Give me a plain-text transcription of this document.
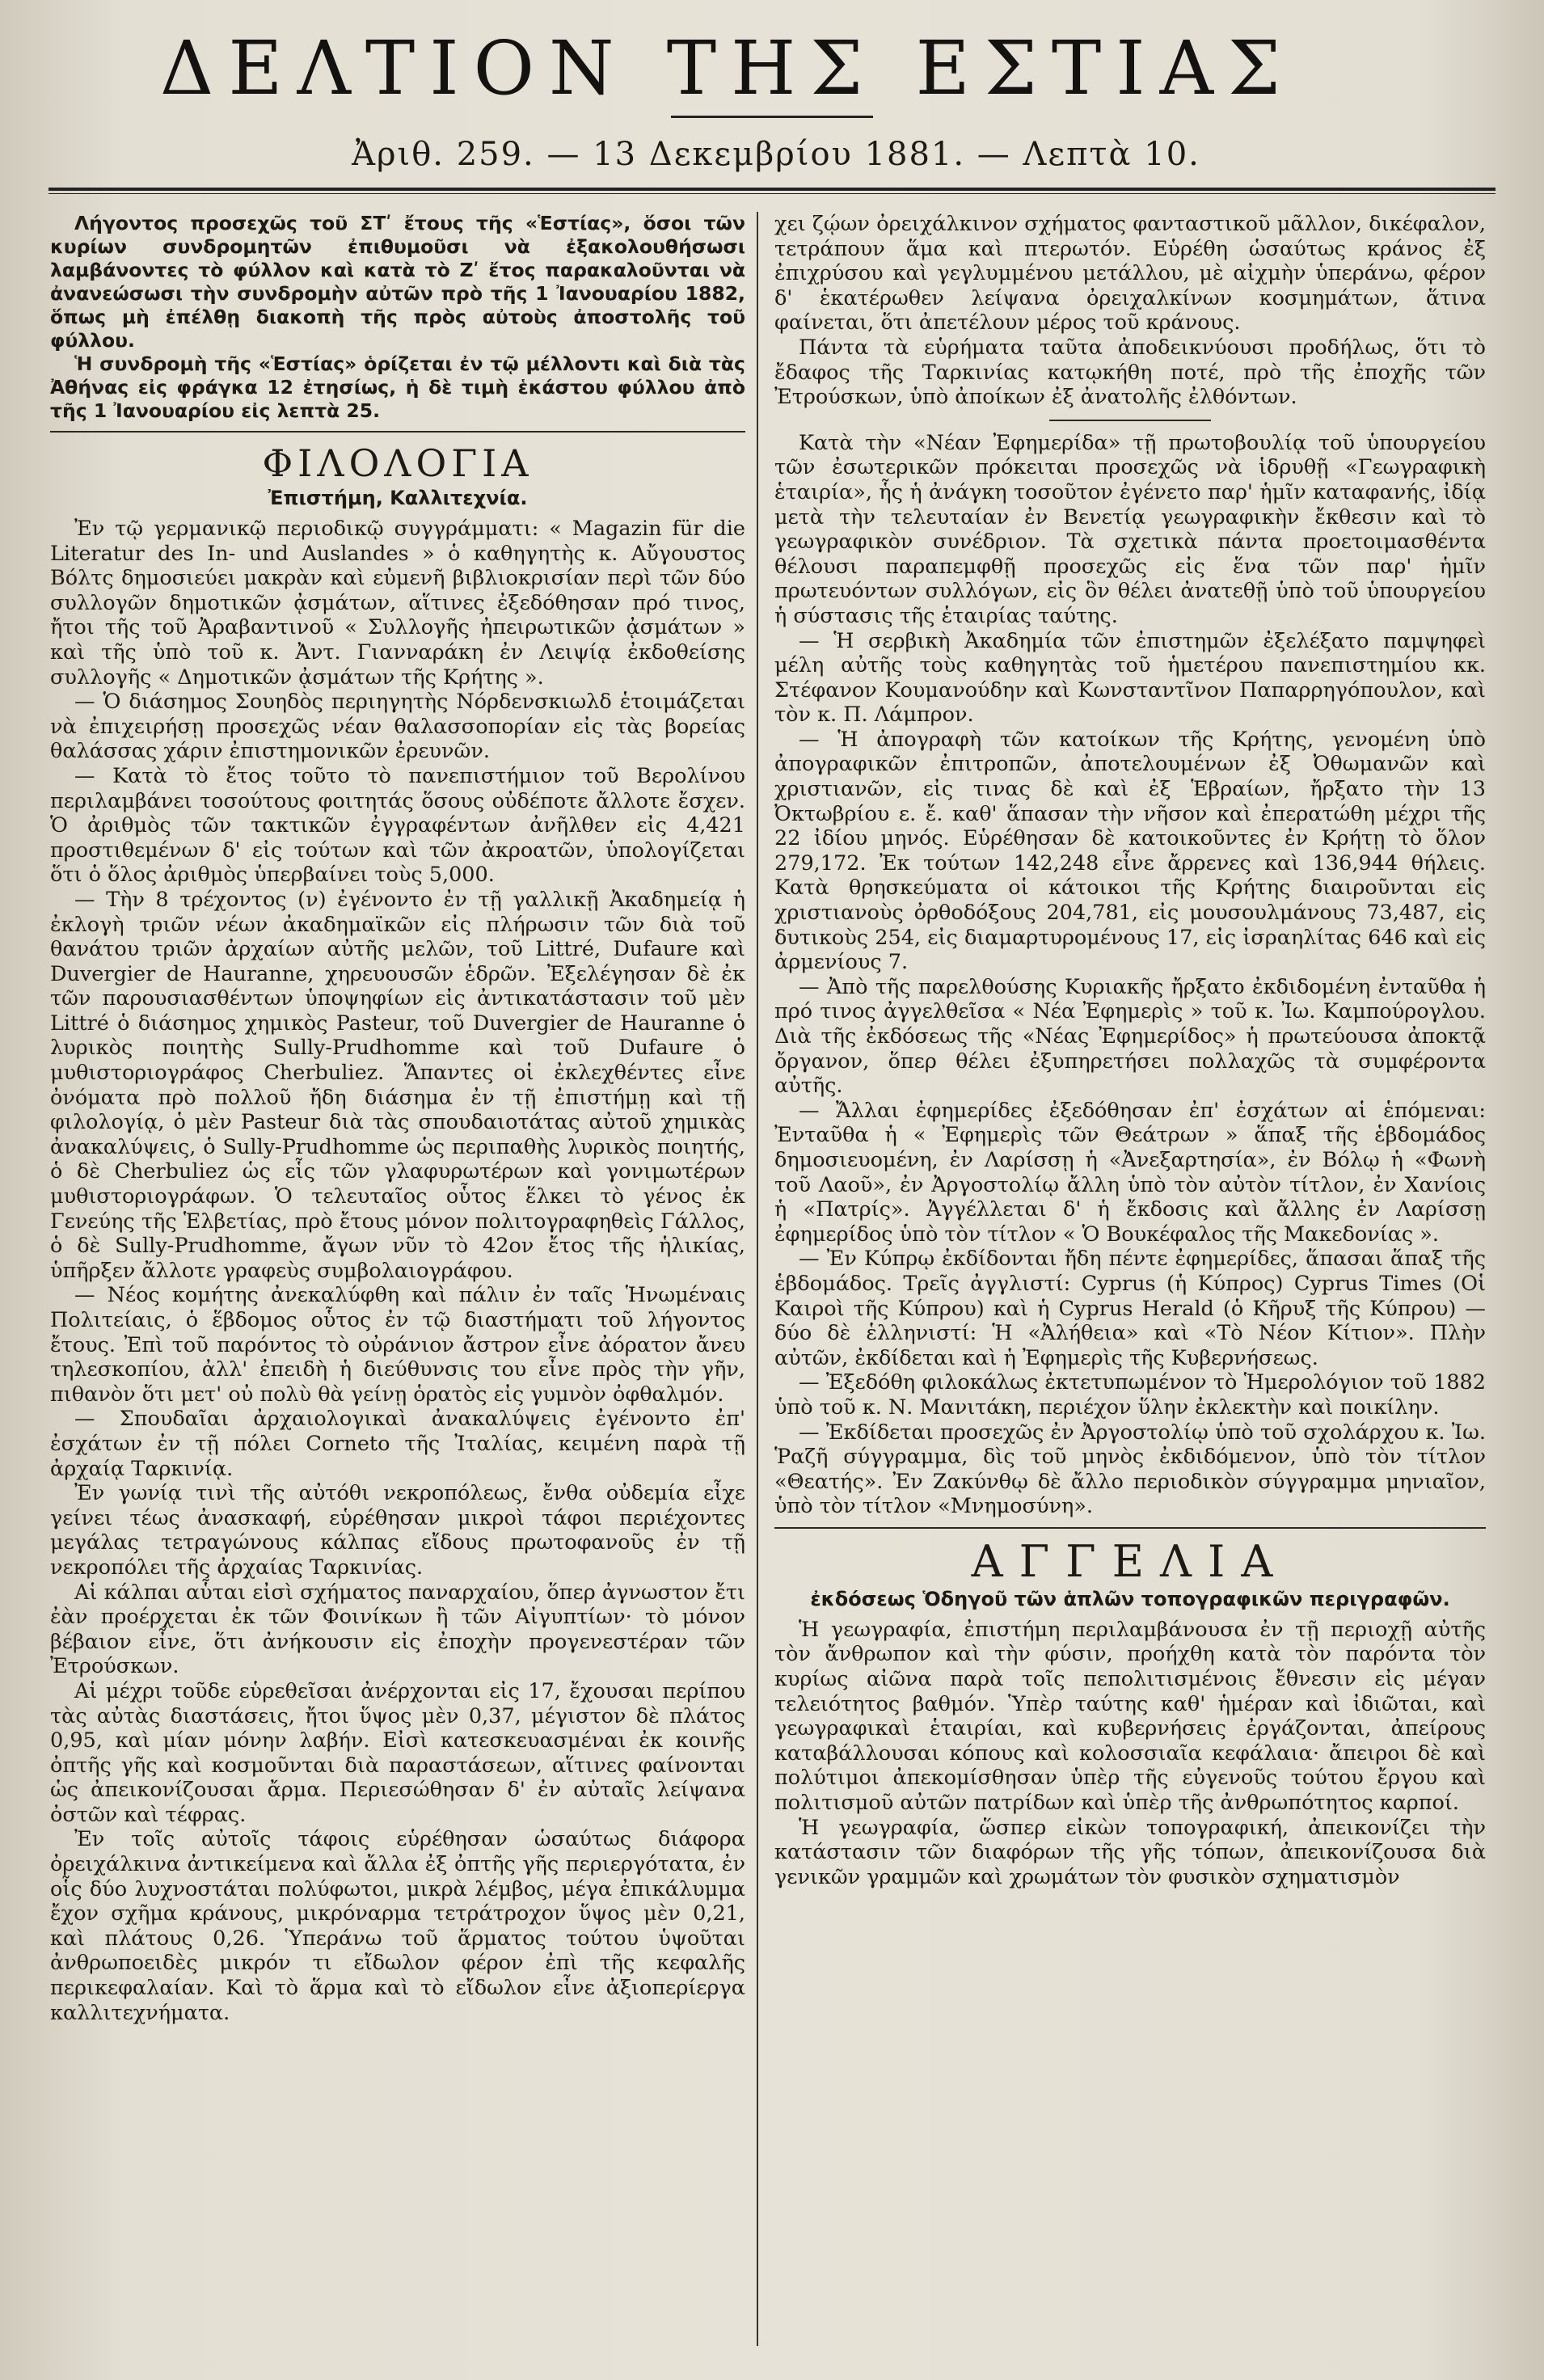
ΔΕΛΤΙΟΝ ΤΗΣ ΕΣΤΙΑΣ
Ἀριθ. 259. — 13 Δεκεμβρίου 1881. — Λεπτὰ 10.

Λήγοντος προσεχῶς τοῦ ΣΤʹ ἔτους τῆς «Ἑστίας», ὅσοι τῶν κυρίων συνδρομητῶν ἐπιθυμοῦσι νὰ ἐξακολουθήσωσι λαμβάνοντες τὸ φύλλον καὶ κατὰ τὸ Ζʹ ἔτος παρακαλοῦνται νὰ ἀνανεώσωσι τὴν συνδρομὴν αὐτῶν πρὸ τῆς 1 Ἰανουαρίου 1882, ὅπως μὴ ἐπέλθῃ διακοπὴ τῆς πρὸς αὐτοὺς ἀποστολῆς τοῦ φύλλου.

Ἡ συνδρομὴ τῆς «Ἑστίας» ὁρίζεται ἐν τῷ μέλλοντι καὶ διὰ τὰς Ἀθήνας εἰς φράγκα 12 ἐτησίως, ἡ δὲ τιμὴ ἑκάστου φύλλου ἀπὸ τῆς 1 Ἰανουαρίου εἰς λεπτὰ 25.

ΦΙΛΟΛΟΓΙΑ
Ἐπιστήμη, Καλλιτεχνία.

Ἐν τῷ γερμανικῷ περιοδικῷ συγγράμματι: « Magazin für die Literatur des In- und Auslandes » ὁ καθηγητὴς κ. Αὔγουστος Βόλτς δημοσιεύει μακρὰν καὶ εὐμενῆ βιβλιοκρισίαν περὶ τῶν δύο συλλογῶν δημοτικῶν ᾀσμάτων, αἵτινες ἐξεδόθησαν πρό τινος, ἤτοι τῆς τοῦ Ἀραβαντινοῦ « Συλλογῆς ἠπειρωτικῶν ᾀσμάτων » καὶ τῆς ὑπὸ τοῦ κ. Ἀντ. Γιανναράκη ἐν Λειψίᾳ ἐκδοθείσης συλλογῆς « Δημοτικῶν ᾀσμάτων τῆς Κρήτης ».

— Ὁ διάσημος Σουηδὸς περιηγητὴς Νόρδενσκιωλδ ἑτοιμάζεται νὰ ἐπιχειρήσῃ προσεχῶς νέαν θαλασσοπορίαν εἰς τὰς βορείας θαλάσσας χάριν ἐπιστημονικῶν ἐρευνῶν.

— Κατὰ τὸ ἔτος τοῦτο τὸ πανεπιστήμιον τοῦ Βερολίνου περιλαμβάνει τοσούτους φοιτητάς ὅσους οὐδέποτε ἄλλοτε ἔσχεν. Ὁ ἀριθμὸς τῶν τακτικῶν ἐγγραφέντων ἀνῆλθεν εἰς 4,421 προστιθεμένων δ' εἰς τούτων καὶ τῶν ἀκροατῶν, ὑπολογίζεται ὅτι ὁ ὅλος ἀριθμὸς ὑπερβαίνει τοὺς 5,000.

— Τὴν 8 τρέχοντος (ν) ἐγένοντο ἐν τῇ γαλλικῇ Ἀκαδημείᾳ ἡ ἐκλογὴ τριῶν νέων ἀκαδημαϊκῶν εἰς πλήρωσιν τῶν διὰ τοῦ θανάτου τριῶν ἀρχαίων αὐτῆς μελῶν, τοῦ Littré, Dufaure καὶ Duvergier de Hauranne, χηρευουσῶν ἑδρῶν. Ἐξελέγησαν δὲ ἐκ τῶν παρουσιασθέντων ὑποψηφίων εἰς ἀντικατάστασιν τοῦ μὲν Littré ὁ διάσημος χημικὸς Pasteur, τοῦ Duvergier de Hauranne ὁ λυρικὸς ποιητὴς Sully-Prudhomme καὶ τοῦ Dufaure ὁ μυθιστοριογράφος Cherbuliez. Ἅπαντες οἱ ἐκλεχθέντες εἶνε ὀνόματα πρὸ πολλοῦ ἤδη διάσημα ἐν τῇ ἐπιστήμῃ καὶ τῇ φιλολογίᾳ, ὁ μὲν Pasteur διὰ τὰς σπουδαιοτάτας αὐτοῦ χημικὰς ἀνακαλύψεις, ὁ Sully-Prudhomme ὡς περιπαθὴς λυρικὸς ποιητής, ὁ δὲ Cherbuliez ὡς εἷς τῶν γλαφυρωτέρων καὶ γονιμωτέρων μυθιστοριογράφων. Ὁ τελευταῖος οὗτος ἕλκει τὸ γένος ἐκ Γενεύης τῆς Ἑλβετίας, πρὸ ἔτους μόνον πολιτογραφηθεὶς Γάλλος, ὁ δὲ Sully-Prudhomme, ἄγων νῦν τὸ 42ον ἔτος τῆς ἡλικίας, ὑπῆρξεν ἄλλοτε γραφεὺς συμβολαιογράφου.

— Νέος κομήτης ἀνεκαλύφθη καὶ πάλιν ἐν ταῖς Ἡνωμέναις Πολιτείαις, ὁ ἕβδομος οὗτος ἐν τῷ διαστήματι τοῦ λήγοντος ἔτους. Ἐπὶ τοῦ παρόντος τὸ οὐράνιον ἄστρον εἶνε ἀόρατον ἄνευ τηλεσκοπίου, ἀλλ' ἐπειδὴ ἡ διεύθυνσις του εἶνε πρὸς τὴν γῆν, πιθανὸν ὅτι μετ' οὐ πολὺ θὰ γείνῃ ὁρατὸς εἰς γυμνὸν ὀφθαλμόν.

— Σπουδαῖαι ἀρχαιολογικαὶ ἀνακαλύψεις ἐγένοντο ἐπ' ἐσχάτων ἐν τῇ πόλει Corneto τῆς Ἰταλίας, κειμένη παρὰ τῇ ἀρχαίᾳ Ταρκινίᾳ.

Ἐν γωνίᾳ τινὶ τῆς αὐτόθι νεκροπόλεως, ἔνθα οὐδεμία εἶχε γείνει τέως ἀνασκαφή, εὑρέθησαν μικροὶ τάφοι περιέχοντες μεγάλας τετραγώνους κάλπας εἴδους πρωτοφανοῦς ἐν τῇ νεκροπόλει τῆς ἀρχαίας Ταρκινίας.

Αἱ κάλπαι αὗται εἰσὶ σχήματος παναρχαίου, ὅπερ ἀγνωστον ἔτι ἐὰν προέρχεται ἐκ τῶν Φοινίκων ἢ τῶν Αἰγυπτίων· τὸ μόνον βέβαιον εἶνε, ὅτι ἀνήκουσιν εἰς ἐποχὴν προγενεστέραν τῶν Ἐτρούσκων.

Αἱ μέχρι τοῦδε εὑρεθεῖσαι ἀνέρχονται εἰς 17, ἔχουσαι περίπου τὰς αὐτὰς διαστάσεις, ἤτοι ὕψος μὲν 0,37, μέγιστον δὲ πλάτος 0,95, καὶ μίαν μόνην λαβήν. Εἰσὶ κατεσκευασμέναι ἐκ κοινῆς ὀπτῆς γῆς καὶ κοσμοῦνται διὰ παραστάσεων, αἵτινες φαίνονται ὡς ἀπεικονίζουσαι ἄρμα. Περιεσώθησαν δ' ἐν αὐταῖς λείψανα ὀστῶν καὶ τέφρας.

Ἐν τοῖς αὐτοῖς τάφοις εὑρέθησαν ὡσαύτως διάφορα ὀρειχάλκινα ἀντικείμενα καὶ ἄλλα ἐξ ὀπτῆς γῆς περιεργότατα, ἐν οἷς δύο λυχνοστάται πολύφωτοι, μικρὰ λέμβος, μέγα ἐπικάλυμμα ἔχον σχῆμα κράνους, μικρόναρμα τετράτροχον ὕψος μὲν 0,21, καὶ πλάτους 0,26. Ὑπεράνω τοῦ ἅρματος τούτου ὑψοῦται ἀνθρωποειδὲς μικρόν τι εἴδωλον φέρον ἐπὶ τῆς κεφαλῆς περικεφαλαίαν. Καὶ τὸ ἅρμα καὶ τὸ εἴδωλον εἶνε ἀξιοπερίεργα καλλιτεχνήματα.

χει ζῴων ὀρειχάλκινον σχήματος φανταστικοῦ μᾶλλον, δικέφαλον, τετράπουν ἅμα καὶ πτερωτόν. Εὑρέθη ὡσαύτως κράνος ἐξ ἐπιχρύσου καὶ γεγλυμμένου μετάλλου, μὲ αἰχμὴν ὑπεράνω, φέρον δ' ἑκατέρωθεν λείψανα ὀρειχαλκίνων κοσμημάτων, ἅτινα φαίνεται, ὅτι ἀπετέλουν μέρος τοῦ κράνους.

Πάντα τὰ εὑρήματα ταῦτα ἀποδεικνύουσι προδήλως, ὅτι τὸ ἔδαφος τῆς Ταρκινίας κατῳκήθη ποτέ, πρὸ τῆς ἐποχῆς τῶν Ἐτρούσκων, ὑπὸ ἀποίκων ἐξ ἀνατολῆς ἐλθόντων.

Κατὰ τὴν «Νέαν Ἐφημερίδα» τῇ πρωτοβουλίᾳ τοῦ ὑπουργείου τῶν ἐσωτερικῶν πρόκειται προσεχῶς νὰ ἱδρυθῇ «Γεωγραφικὴ ἑταιρία», ἧς ἡ ἀνάγκη τοσοῦτον ἐγένετο παρ' ἡμῖν καταφανής, ἰδίᾳ μετὰ τὴν τελευταίαν ἐν Βενετίᾳ γεωγραφικὴν ἔκθεσιν καὶ τὸ γεωγραφικὸν συνέδριον. Τὰ σχετικὰ πάντα προετοιμασθέντα θέλουσι παραπεμφθῇ προσεχῶς εἰς ἕνα τῶν παρ' ἡμῖν πρωτευόντων συλλόγων, εἰς ὃν θέλει ἀνατεθῇ ὑπὸ τοῦ ὑπουργείου ἡ σύστασις τῆς ἑταιρίας ταύτης.

— Ἡ σερβικὴ Ἀκαδημία τῶν ἐπιστημῶν ἐξελέξατο παμψηφεὶ μέλη αὐτῆς τοὺς καθηγητὰς τοῦ ἡμετέρου πανεπιστημίου κκ. Στέφανον Κουμανούδην καὶ Κωνσταντῖνον Παπαρρηγόπουλον, καὶ τὸν κ. Π. Λάμπρον.

— Ἡ ἀπογραφὴ τῶν κατοίκων τῆς Κρήτης, γενομένη ὑπὸ ἀπογραφικῶν ἐπιτροπῶν, ἀποτελουμένων ἐξ Ὀθωμανῶν καὶ χριστιανῶν, εἰς τινας δὲ καὶ ἐξ Ἑβραίων, ἤρξατο τὴν 13 Ὀκτωβρίου ε. ἔ. καθ' ἅπασαν τὴν νῆσον καὶ ἐπερατώθη μέχρι τῆς 22 ἰδίου μηνός. Εὑρέθησαν δὲ κατοικοῦντες ἐν Κρήτῃ τὸ ὅλον 279,172. Ἐκ τούτων 142,248 εἶνε ἄρρενες καὶ 136,944 θήλεις. Κατὰ θρησκεύματα οἱ κάτοικοι τῆς Κρήτης διαιροῦνται εἰς χριστιανοὺς ὀρθοδόξους 204,781, εἰς μουσουλμάνους 73,487, εἰς δυτικοὺς 254, εἰς διαμαρτυρομένους 17, εἰς ἰσραηλίτας 646 καὶ εἰς ἀρμενίους 7.

— Ἀπὸ τῆς παρελθούσης Κυριακῆς ἤρξατο ἐκδιδομένη ἐνταῦθα ἡ πρό τινος ἀγγελθεῖσα « Νέα Ἐφημερὶς » τοῦ κ. Ἰω. Καμπούρογλου. Διὰ τῆς ἐκδόσεως τῆς «Νέας Ἐφημερίδος» ἡ πρωτεύουσα ἀποκτᾷ ὄργανον, ὅπερ θέλει ἐξυπηρετήσει πολλαχῶς τὰ συμφέροντα αὐτῆς.

— Ἄλλαι ἐφημερίδες ἐξεδόθησαν ἐπ' ἐσχάτων αἱ ἑπόμεναι: Ἐνταῦθα ἡ « Ἐφημερὶς τῶν Θεάτρων » ἅπαξ τῆς ἑβδομάδος δημοσιευομένη, ἐν Λαρίσσῃ ἡ «Ἀνεξαρτησία», ἐν Βόλῳ ἡ «Φωνὴ τοῦ Λαοῦ», ἐν Ἀργοστολίῳ ἄλλη ὑπὸ τὸν αὐτὸν τίτλον, ἐν Χανίοις ἡ «Πατρίς». Ἀγγέλλεται δ' ἡ ἔκδοσις καὶ ἄλλης ἐν Λαρίσσῃ ἐφημερίδος ὑπὸ τὸν τίτλον « Ὁ Βουκέφαλος τῆς Μακεδονίας ».

— Ἐν Κύπρῳ ἐκδίδονται ἤδη πέντε ἐφημερίδες, ἅπασαι ἅπαξ τῆς ἑβδομάδος. Τρεῖς ἀγγλιστί: Cyprus (ἡ Κύπρος) Cyprus Times (Οἱ Καιροὶ τῆς Κύπρου) καὶ ἡ Cyprus Herald (ὁ Κῆρυξ τῆς Κύπρου) — δύο δὲ ἑλληνιστί: Ἡ «Ἀλήθεια» καὶ «Τὸ Νέον Κίτιον». Πλὴν αὐτῶν, ἐκδίδεται καὶ ἡ Ἐφημερὶς τῆς Κυβερνήσεως.

— Ἐξεδόθη φιλοκάλως ἐκτετυπωμένον τὸ Ἡμερολόγιον τοῦ 1882 ὑπὸ τοῦ κ. Ν. Μανιτάκη, περιέχον ὕλην ἐκλεκτὴν καὶ ποικίλην.

— Ἐκδίδεται προσεχῶς ἐν Ἀργοστολίῳ ὑπὸ τοῦ σχολάρχου κ. Ἰω. Ῥαζῆ σύγγραμμα, δὶς τοῦ μηνὸς ἐκδιδόμενον, ὑπὸ τὸν τίτλον «Θεατής». Ἐν Ζακύνθῳ δὲ ἄλλο περιοδικὸν σύγγραμμα μηνιαῖον, ὑπὸ τὸν τίτλον «Μνημοσύνη».

ΑΓΓΕΛΙΑ
ἐκδόσεως Ὁδηγοῦ τῶν ἁπλῶν τοπογραφικῶν περιγραφῶν.

Ἡ γεωγραφία, ἐπιστήμη περιλαμβάνουσα ἐν τῇ περιοχῇ αὐτῆς τὸν ἄνθρωπον καὶ τὴν φύσιν, προήχθη κατὰ τὸν παρόντα τὸν κυρίως αἰῶνα παρὰ τοῖς πεπολιτισμένοις ἔθνεσιν εἰς μέγαν τελειότητος βαθμόν. Ὑπὲρ ταύτης καθ' ἡμέραν καὶ ἰδιῶται, καὶ γεωγραφικαὶ ἑταιρίαι, καὶ κυβερνήσεις ἐργάζονται, ἀπείρους καταβάλλουσαι κόπους καὶ κολοσσιαῖα κεφάλαια· ἄπειροι δὲ καὶ πολύτιμοι ἀπεκομίσθησαν ὑπὲρ τῆς εὐγενοῦς τούτου ἔργου καὶ πολιτισμοῦ αὐτῶν πατρίδων καὶ ὑπὲρ τῆς ἀνθρωπότητος καρποί.

Ἡ γεωγραφία, ὥσπερ εἰκὼν τοπογραφική, ἀπεικονίζει τὴν κατάστασιν τῶν διαφόρων τῆς γῆς τόπων, ἀπεικονίζουσα διὰ γενικῶν γραμμῶν καὶ χρωμάτων τὸν φυσικὸν σχηματισμὸν
